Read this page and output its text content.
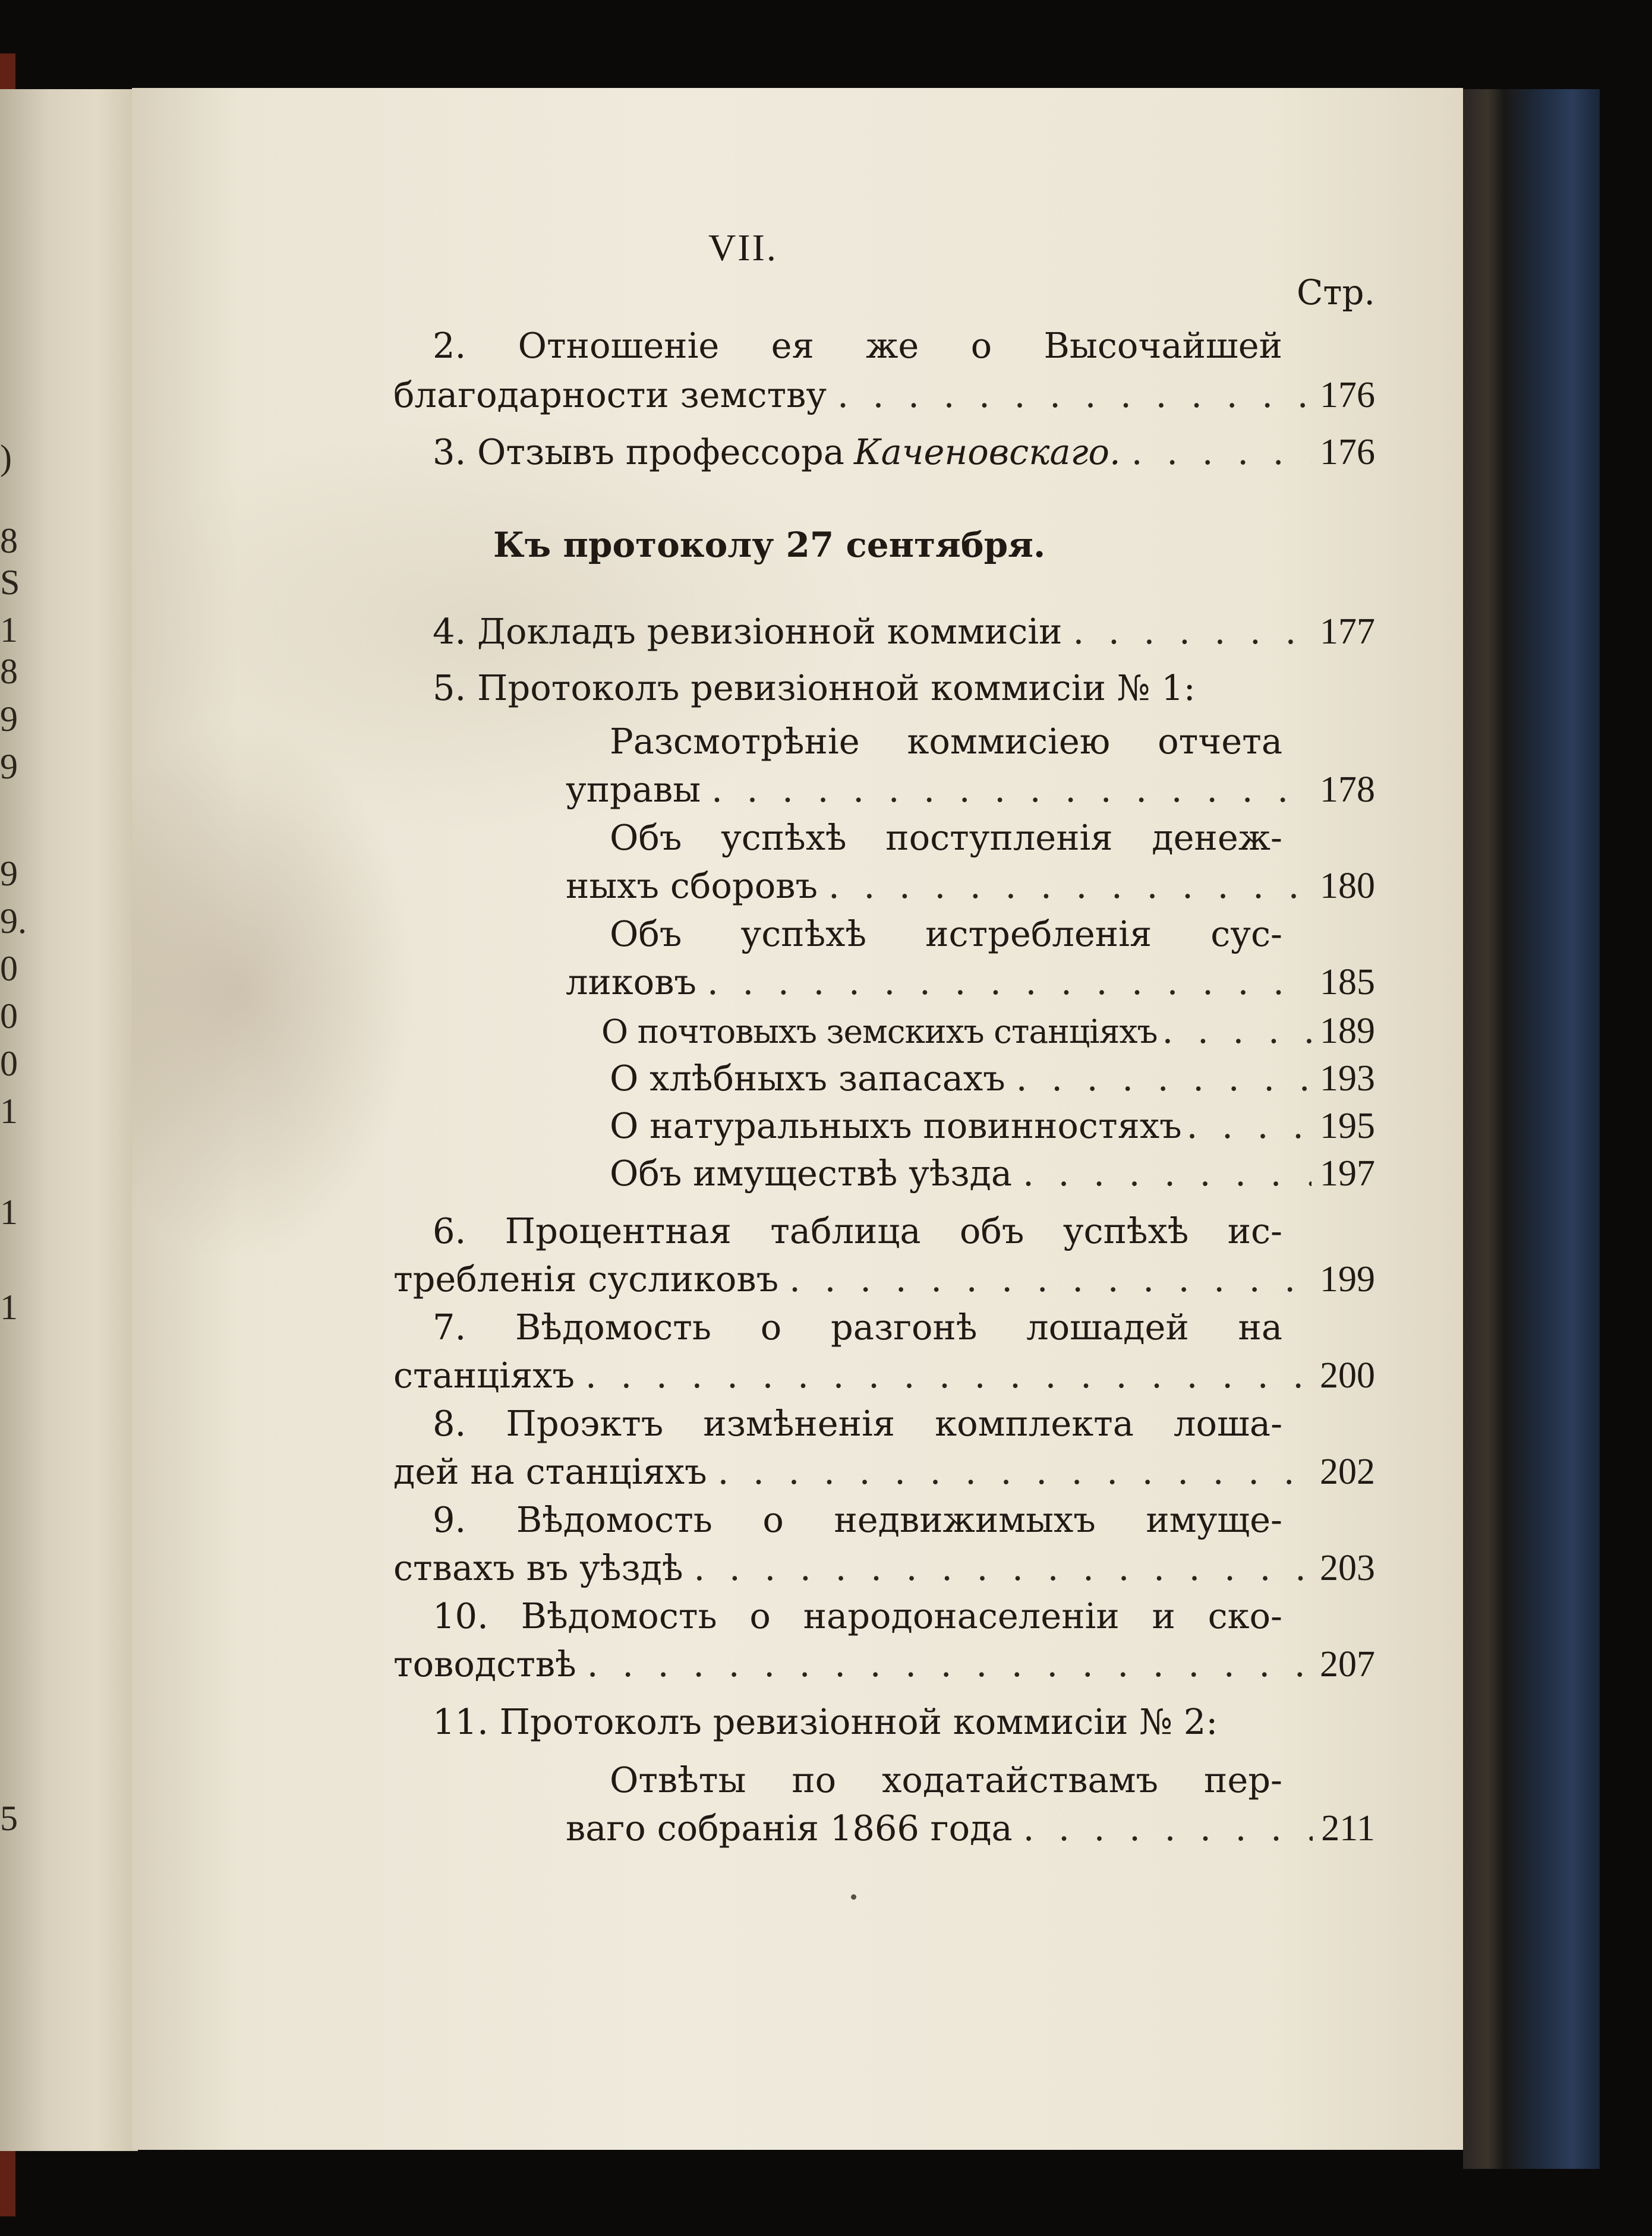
)
8
S
1
8
9
9
9
9.
0
0
0
1
1
1
5
VII.
Стр.
2. Отношеніе ея же о Высочайшей
благодарности земству . . .	176
3. Отзывъ профессора Каченовскаго. . . .	176
Къ протоколу 27 сентября.
4. Докладъ ревизіонной коммисіи . . .	177
5. Протоколъ ревизіонной коммисіи № 1:
Разсмотрѣніе коммисіею отчета
управы . . .	178
Объ успѣхѣ поступленія денеж-
ныхъ сборовъ . . .	180
Объ успѣхѣ истребленія сус-
ликовъ . . .	185
О почтовыхъ земскихъ станціяхъ . . .	189
О хлѣбныхъ запасахъ . . .	193
О натуральныхъ повинностяхъ . . .	195
Объ имуществѣ уѣзда . . .	197
6. Процентная таблица объ успѣхѣ ис-
требленія сусликовъ . . .	199
7. Вѣдомость о разгонѣ лошадей на
станціяхъ . . .	200
8. Проэктъ измѣненія комплекта лоша-
дей на станціяхъ . . .	202
9. Вѣдомость о недвижимыхъ имуще-
ствахъ въ уѣздѣ . . .	203
10. Вѣдомость о народонаселеніи и ско-
товодствѣ . . .	207
11. Протоколъ ревизіонной коммисіи № 2:
Отвѣты по ходатайствамъ пер-
ваго собранія 1866 года . . .	211
